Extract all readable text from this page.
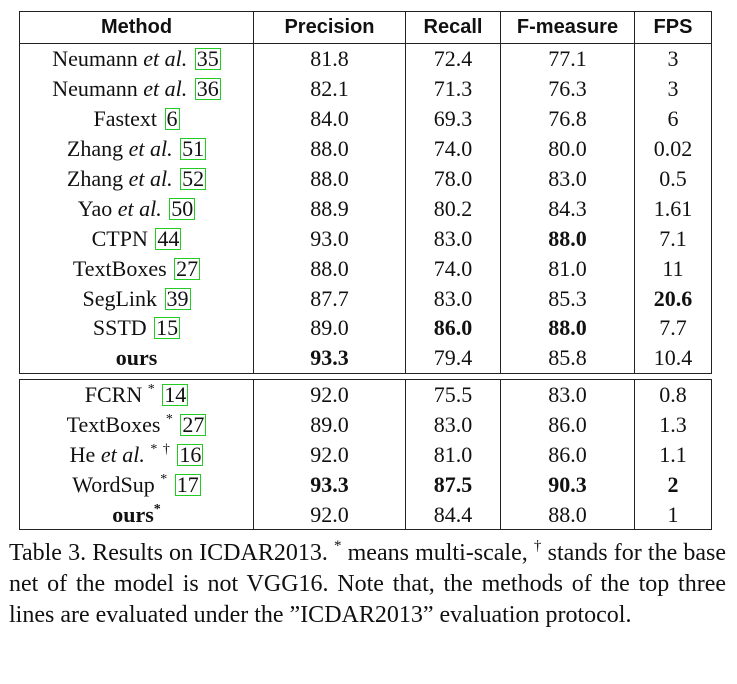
Method	Precision	Recall	F-measure	FPS
Neumann et al. 35	81.8	72.4	77.1	3
Neumann et al. 36	82.1	71.3	76.3	3
Fastext 6	84.0	69.3	76.8	6
Zhang et al. 51	88.0	74.0	80.0	0.02
Zhang et al. 52	88.0	78.0	83.0	0.5
Yao et al. 50	88.9	80.2	84.3	1.61
CTPN 44	93.0	83.0	88.0	7.1
TextBoxes 27	88.0	74.0	81.0	11
SegLink 39	87.7	83.0	85.3	20.6
SSTD 15	89.0	86.0	88.0	7.7
ours	93.3	79.4	85.8	10.4

FCRN * 14	92.0	75.5	83.0	0.8
TextBoxes * 27	89.0	83.0	86.0	1.3
He et al. * † 16	92.0	81.0	86.0	1.1
WordSup * 17	93.3	87.5	90.3	2
ours*	92.0	84.4	88.0	1

Table 3. Results on ICDAR2013. * means multi-scale, † stands for the base net of the model is not VGG16. Note that, the methods of the top three lines are evaluated under the ”ICDAR2013” evaluation protocol.
